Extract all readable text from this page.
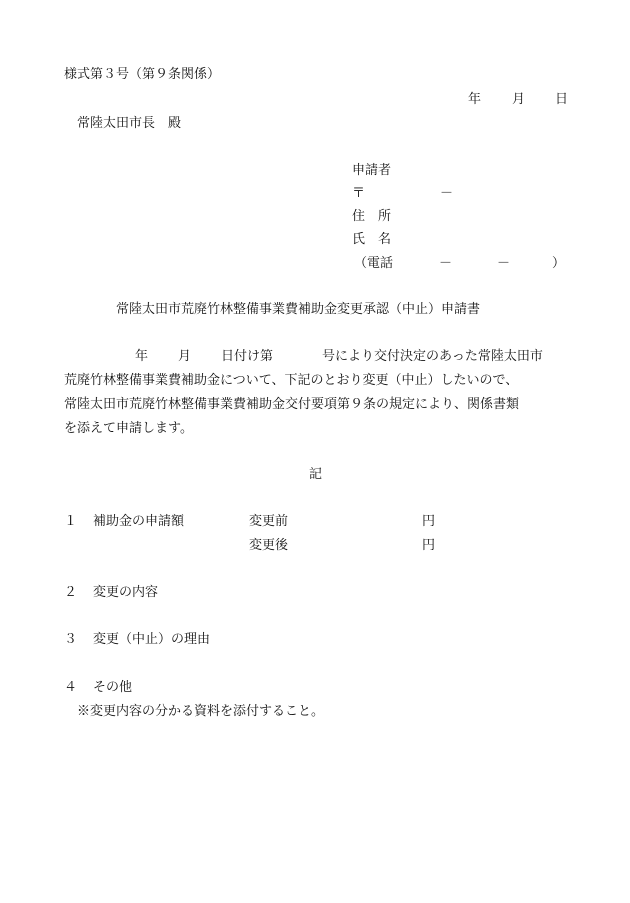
様式第３号（第９条関係）
年 月 日
常陸太田市長　殿
申請者
〒	－
住　所
氏　名
（電話	－	－	）
常陸太田市荒廃竹林整備事業費補助金変更承認（中止）申請書
年 月 日付け第	号により交付決定のあった常陸太田市
荒廃竹林整備事業費補助金について、下記のとおり変更（中止）したいので、
常陸太田市荒廃竹林整備事業費補助金交付要項第９条の規定により、関係書類
を添えて申請します。
記
１ 補助金の申請額	変更前	円
変更後	円
２ 変更の内容
３ 変更（中止）の理由
４ その他
※変更内容の分かる資料を添付すること。
